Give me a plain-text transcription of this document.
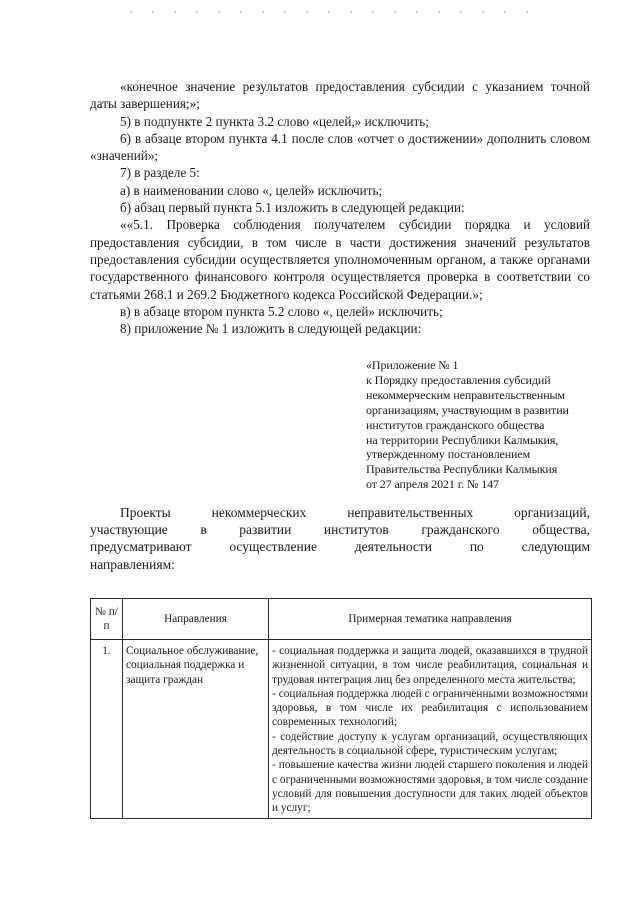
«конечное значение результатов предоставления субсидии с указанием точной даты завершения;»;

5) в подпункте 2 пункта 3.2 слово «целей,» исключить;

6) в абзаце втором пункта 4.1 после слов «отчет о достижении» дополнить словом «значений»;

7) в разделе 5:

а) в наименовании слово «, целей» исключить;

б) абзац первый пункта 5.1 изложить в следующей редакции:

««5.1. Проверка соблюдения получателем субсидии порядка и условий предоставления субсидии, в том числе в части достижения значений результатов предоставления субсидии осуществляется уполномоченным органом, а также органами государственного финансового контроля осуществляется проверка в соответствии со статьями 268.1 и 269.2 Бюджетного кодекса Российской Федерации.»;

в) в абзаце втором пункта 5.2 слово «, целей» исключить;

8) приложение № 1 изложить в следующей редакции:

«Приложение № 1
к Порядку предоставления субсидий
некоммерческим неправительственным
организациям, участвующим в развитии
институтов гражданского общества
на территории Республики Калмыкия,
утвержденному постановлением
Правительства Республики Калмыкия
от 27 апреля 2021 г. № 147

Проекты некоммерческих неправительственных организаций,

участвующие в развитии институтов гражданского общества,

предусматривают осуществление деятельности по следующим

направлениям:

№ п/п	Направления	Примерная тематика направления
1.	Социальное обслуживание, социальная поддержка и защита граждан	- социальная поддержка и защита людей, оказавшихся в трудной жизненной ситуации, в том числе реабилитация, социальная и трудовая интеграция лиц без определенного места жительства;
- социальная поддержка людей с ограниченными возможностями здоровья, в том числе их реабилитация с использованием современных технологий;
- содействие доступу к услугам организаций, осуществляющих деятельность в социальной сфере, туристическим услугам;
- повышение качества жизни людей старшего поколения и людей с ограниченными возможностями здоровья, в том числе создание условий для повышения доступности для таких людей объектов и услуг;
